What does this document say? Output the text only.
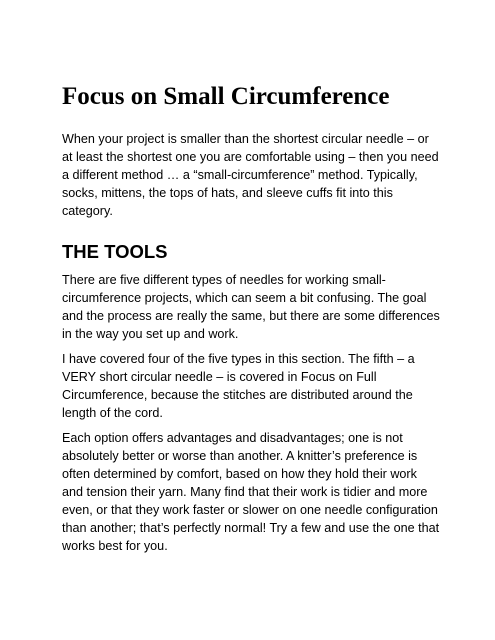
Focus on Small Circumference

When your project is smaller than the shortest circular needle – or at least the shortest one you are comfortable using – then you need a different method … a “small-circumference” method. Typically, socks, mittens, the tops of hats, and sleeve cuffs fit into this category.

THE TOOLS

There are five different types of needles for working small-circumference projects, which can seem a bit confusing. The goal and the process are really the same, but there are some differences in the way you set up and work.

I have covered four of the five types in this section. The fifth – a VERY short circular needle – is covered in Focus on Full Circumference, because the stitches are distributed around the length of the cord.

Each option offers advantages and disadvantages; one is not absolutely better or worse than another. A knitter’s preference is often determined by comfort, based on how they hold their work and tension their yarn. Many find that their work is tidier and more even, or that they work faster or slower on one needle configuration than another; that’s perfectly normal! Try a few and use the one that works best for you.
